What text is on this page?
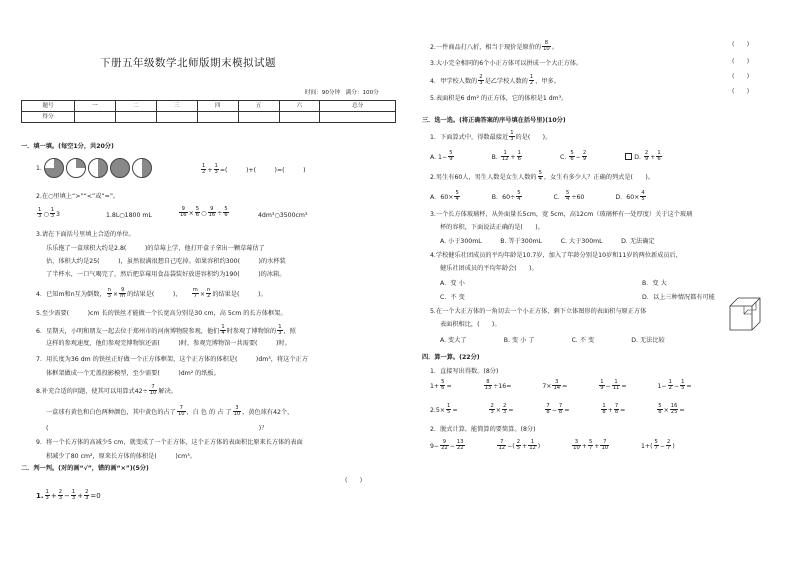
下册五年级数学北师版期末模拟试题
时间：90分钟　满分：100分
题号	一	二	三	四	五	六	总分
得分							
一．填一填。(每空1分，共20分)
1.	$\frac{1}{2} + \frac{1}{3}$ =(　　　)+(　　　)=(　　　)
2.在○里填上“>”“<”或“=”。
$\frac{1}{3}$ ○ $\frac{1}{3} 3$	1.8L○1800 mL	$\frac{9}{16} \times \frac{5}{6}$ ○ $\frac{9}{16} \div \frac{5}{6}$	4dm³○3500cm³
3.请在下面括号里填上合适的单位。
乐乐拖了一盒球积大约是2.8(　　　)的草莓上学，他打开盒子拿出一颗草莓估了
估，体积大约是25(　　　)，虽然很满很想自己吃掉。如果容积约300(　　　)的水杯装
了半杯水，一口气喝完了，然后把草莓用食品袋装好放进容积约为190(　　　)的冰箱。
4．已知m和n互为倒数， $\frac{n}{3} \times \frac{9}{m}$ 的结果是(　　　)，　　	$\frac{m}{7} \times \frac{n}{2}$ 的结果是(　　　)。
5.至少需要(　　　)cm 长的铁丝才能做一个长宽高分别是30 cm，高 5cm 的长方体框架。
6．星期天，小明和朋友一起去位于郑州市的河南博物院参观，他们 $\frac{1}{4}$ 时参观了博物馆的 $\frac{1}{3}$ ，照
这样的参观速度，他们参观完博物馆还需(　　　)时，参观完博物馆一共需要(　　　)时。
7．用长度为36 dm 的铁丝正好做一个正方体框架，这个正方体的体积是(　　　)dm³，将这个正方
体框架做成一个无盖投影模型，至少需要(　　　)dm² 的纸板。
8.补充合适的问题，使其可以用算式$42\div \frac{7}{10}$ 解决。
一盒球有黄色和白色两种颜色，其中黄色的占了 $\frac{7}{10}$ ，白 色 的 占 了 $\frac{3}{10}$ ，黄色球有42个，
(　　　　　　　　　　　　　　　　　　　　　　　　　　　　　　　　　　)？
9．将一个长方体的高减少5 cm，就变成了一个正方体，这个正方体的表面积比原来长方体的表面
积减少了80 cm²，原来长方体的体积是(　　　)cm³。
二．判一判。(对的画“√”，错的画“×”)(5分)
(　　)
1. $\frac{1}{3} + \frac{2}{3} - \frac{1}{3} + \frac{2}{3} =0$
2.一件商品打八折，相当于现价是原价的 $\frac{8}{10}$ 。
3.大小完全相同的6个小正方体可以拼成一个大正方体。
4．甲学校人数的 $\frac{2}{3}$ 是乙学校人数的 $\frac{1}{2}$ ，甲多。
5.表面积是6 dm² 的正方体，它的体积是1 dm³。
(　　)
(　　)
(　　)
(　　)
三．选一选。(将正确答案的序号填在括号里)(10分)
1．下面算式中，得数最接近 $\frac{1}{3}$ 的是(　　)。
A. $1- \frac{5}{9}$
　　　　　　	B. $\frac{1}{12} + \frac{1}{6}$
　　　　　　	C. $\frac{5}{6} - \frac{2}{9}$
　　　　　　	D. $\frac{2}{9} + \frac{1}{6}$
2.男生有60人，男生人数是女生人数的 $\frac{5}{4}$ ，女生有多少人？正确的列式是(　　)。
A．$60\times \frac{5}{4}$
　　　　　	B．$60\div \frac{5}{4}$
　　　　　	C． $\frac{5}{4} \div 60$　　　　　D．$60\times \frac{4}{5}$
3.一个长方体玻璃杯，从外面量长5cm，宽 5cm，高12cm（玻璃杯有一处厚度）关于这个玻璃
杯的容积，下面说法正确的是(　　)。
A. 小于300mL　　　	B. 等于300mL　　　	C. 大于300mL　　　	D. 无法确定
4.学校健乐社团成员的平均年龄是10.7岁，加入了年龄分别是10岁和11岁的两位新成员后，
健乐社团成员的平均年龄会(　　)。
A．变 小	B．变 大
C．不 变	D．以上三种情况都有可能
5.在一个大正方体的一角切去一个小正方体，剩下立体图形的表面积与原正方体
表面积相比，(　　)。
A. 变大了　　　　　　	B. 变 小 了　　　　　　	C. 不 变　　　　　　	D. 无法比较
四．算一算。(22分)
1．直接写出得数。(8分)
$1+ \frac{5}{6}$ =　　　　　 $\frac{8}{13} \div 16=$　　　　　$7\times \frac{3}{14}$ =　　　　　 $\frac{1}{9} - \frac{1}{11}$ =　　　　　$1- \frac{1}{2} - \frac{1}{5}$ =
$2.5\times \frac{1}{5}$ =　　　　　 $\frac{2}{3} \times \frac{2}{3}$ =　　　　　 $\frac{7}{8} - \frac{7}{8}$ =　　　　　 $\frac{1}{8} + \frac{7}{8}$ =　　　　　 $\frac{5}{8} \times \frac{16}{25}$ =
2．脱式计算，能简算的要简算。(8分)
$9- \frac{9}{22} - \frac{13}{22}$
　　　　　	$\frac{7}{12}$ −( $\frac{2}{5} + \frac{1}{12}$ )　　　　　 $\frac{3}{10} + \frac{5}{7} + \frac{7}{10}$ 　　　　　$1+( \frac{5}{7} - \frac{2}{7}$ )
